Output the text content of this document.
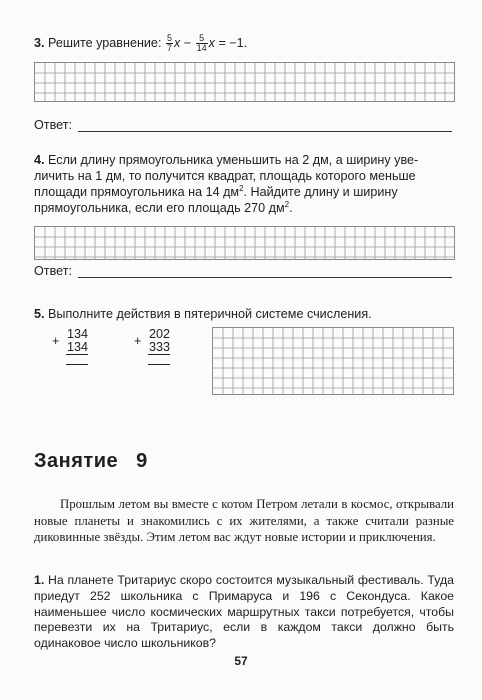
3. Решите уравнение: $\frac{5}{7}$ $x - \frac{5}{14}$ x = −1.
Ответ:
4. Если длину прямоугольника уменьшить на 2 дм, а ширину уве-
личить на 1 дм, то получится квадрат, площадь которого меньше
площади прямоугольника на 14 $дм^2$. Найдите длину и ширину
прямоугольника, если его площадь 270 $дм^2$.
Ответ:
5. Выполните действия в пятеричной системе счисления.
+ 134
134	+ 202
333
Занятие 9
Прошлым летом вы вместе с котом Петром летали в космос, открывали новые планеты и знакомились с их жителями, а также считали разные диковинные звёзды. Этим летом вас ждут новые истории и приключения.
1. На планете Тритариус скоро состоится музыкальный фестиваль. Туда приедут 252 школьника с Примаруса и 196 с Секондуса. Какое наименьшее число космических маршрутных такси потребуется, чтобы перевезти их на Тритариус, если в каждом такси должно быть одинаковое число школьников?
57
